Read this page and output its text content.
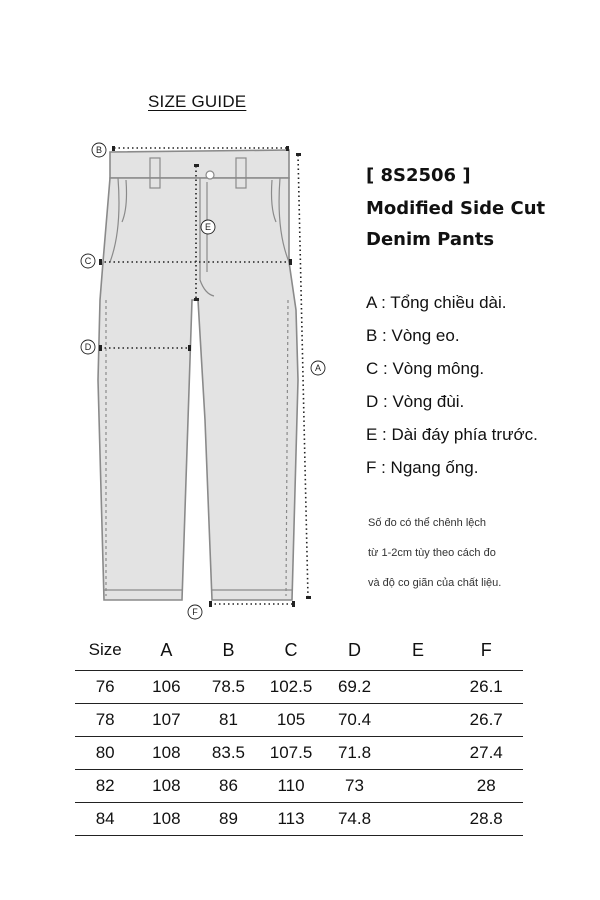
SIZE GUIDE
B
E
C
D
A
F
[ 8S2506 ]
Modified Side Cut
Denim Pants
A : Tổng chiều dài.
B : Vòng eo.
C : Vòng mông.
D : Vòng đùi.
E : Dài đáy phía trước.
F : Ngang ống.
Số đo có thể chênh lệch
từ 1-2cm tùy theo cách đo
và độ co giãn của chất liệu.
Size	A	B	C	D	E	F
76	106	78.5	102.5	69.2		26.1
78	107	81	105	70.4		26.7
80	108	83.5	107.5	71.8		27.4
82	108	86	110	73		28
84	108	89	113	74.8		28.8
